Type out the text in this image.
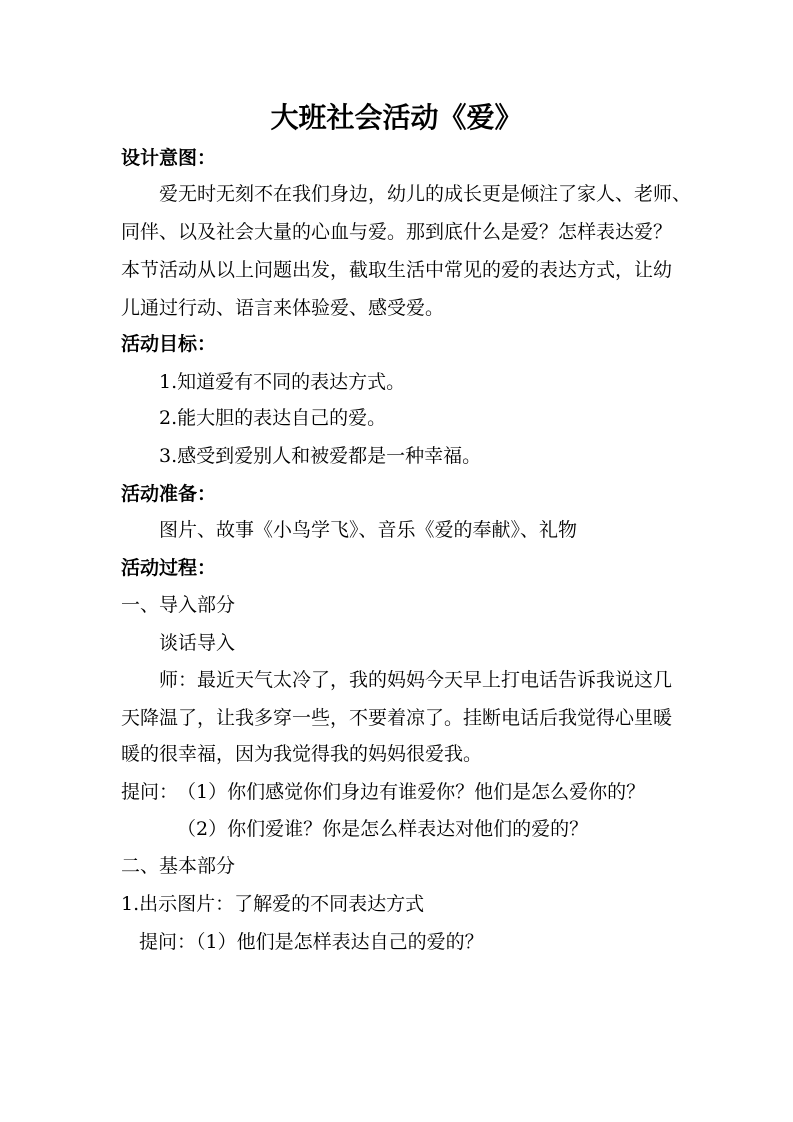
大班社会活动《爱》
设计意图：
爱无时无刻不在我们身边，幼儿的成长更是倾注了家人、老师、
同伴、以及社会大量的心血与爱。那到底什么是爱？怎样表达爱？
本节活动从以上问题出发，截取生活中常见的爱的表达方式，让幼
儿通过行动、语言来体验爱、感受爱。
活动目标：
1.知道爱有不同的表达方式。
2.能大胆的表达自己的爱。
3.感受到爱别人和被爱都是一种幸福。
活动准备：
图片、故事《小鸟学飞》、音乐《爱的奉献》、礼物
活动过程：
一、导入部分
谈话导入
师：最近天气太冷了，我的妈妈今天早上打电话告诉我说这几
天降温了，让我多穿一些，不要着凉了。挂断电话后我觉得心里暖
暖的很幸福，因为我觉得我的妈妈很爱我。
提问：
（1）你们感觉你们身边有谁爱你？他们是怎么爱你的？
（2）你们爱谁？你是怎么样表达对他们的爱的？
二、基本部分
1.出示图片：了解爱的不同表达方式
提问：（1）他们是怎样表达自己的爱的？
